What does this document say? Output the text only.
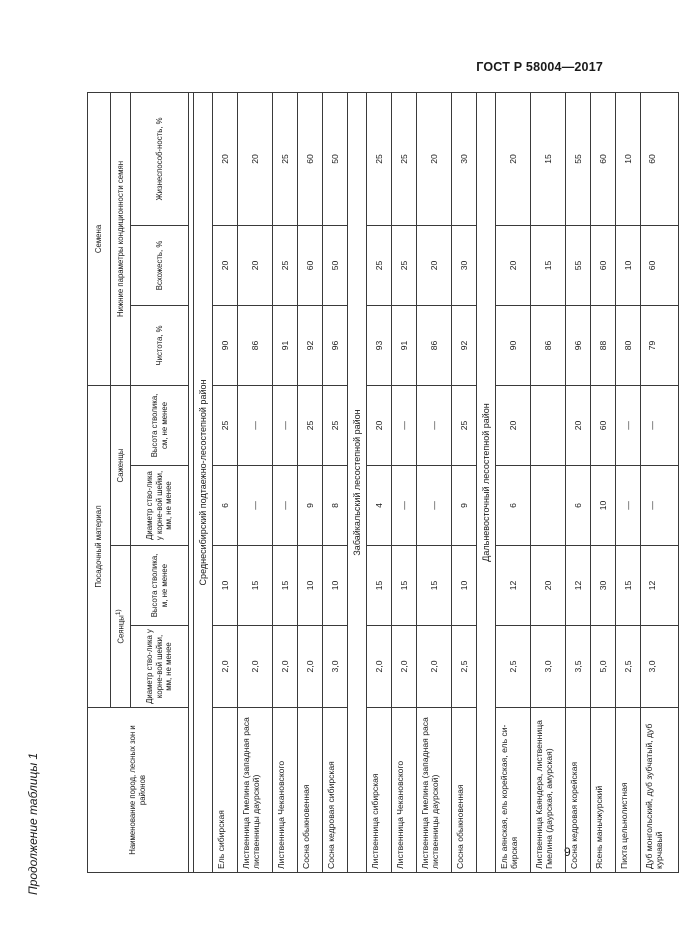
ГОСТ Р 58004—2017
Продолжение таблицы 1	9
Наименование пород, лесных зон и районов	Посадочный материал				Семена		
	Сеянцы$^{1)}$		Саженцы		Нижние параметры кондиционности семян		
	Диаметр ство-лика у корне-вой шейки, мм, не менее	Высота стволика, м, не менее	Диаметр ство-лика у корне-вой шейки, мм, не менее	Высота стволика, см, не менее	Чистота, %	Всхожесть, %	Жизнеспособ-ность, %

Среднесибирский подтаежно-лесостепной район							
Ель сибирская	2,0	10	6	25	90	20	20
Лиственница Гмелина (западная раса лиственницы даурской)	2,0	15	—	—	86	20	20
Лиственница Чекановского	2,0	15	—	—	91	25	25
Сосна обыкновенная	2,0	10	9	25	92	60	60
Сосна кедровая сибирская	3,0	10	8	25	96	50	50
Забайкальский лесостепной район							
Лиственница сибирская	2,0	15	4	20	93	25	25
Лиственница Чекановского	2,0	15	—	—	91	25	25
Лиственница Гмелина (западная раса лиственницы даурской)	2,0	15	—	—	86	20	20
Сосна обыкновенная	2,5	10	9	25	92	30	30
Дальневосточный лесостепной район							
Ель аянская, ель корейская, ель си-бирская	2,5	12	6	20	90	20	20
Лиственница Каяндера, лиственница Гмелина (даурская, амурская)	3,0	20			86	15	15
Сосна кедровая корейская	3,5	12	6	20	96	55	55
Ясень маньчжурский	5,0	30	10	60	88	60	60
Пихта цельнолистная	2,5	15	—	—	80	10	10
Дуб монгольский, дуб зубчатый, дуб курчавый	3,0	12	—	—	79	60	60
